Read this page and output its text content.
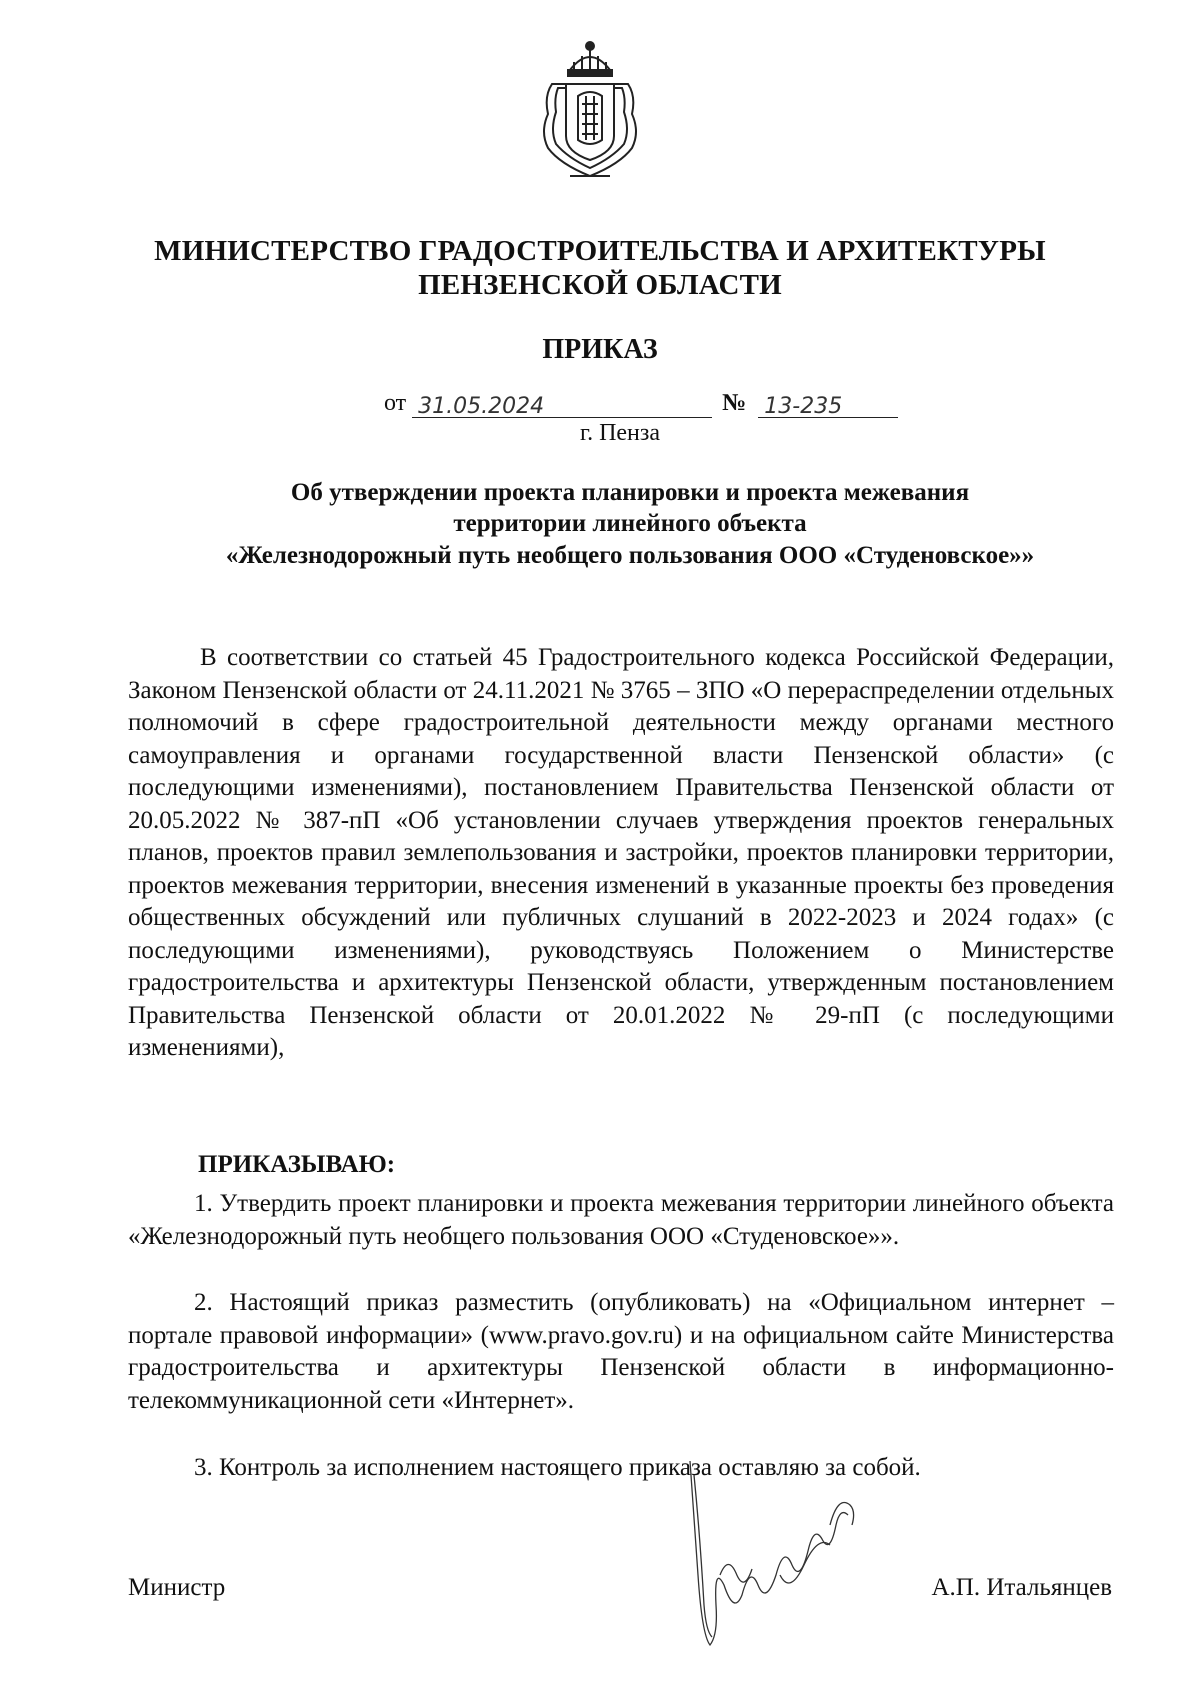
МИНИСТЕРСТВО ГРАДОСТРОИТЕЛЬСТВА И АРХИТЕКТУРЫ
ПЕНЗЕНСКОЙ ОБЛАСТИ
ПРИКАЗ
от 31.05.2024	№ 13-235
г. Пенза
Об утверждении проекта планировки и проекта межевания
территории линейного объекта
«Железнодорожный путь необщего пользования ООО «Студеновское»»
В соответствии со статьей 45 Градостроительного кодекса Российской Федерации, Законом Пензенской области от 24.11.2021 № 3765 – ЗПО «О перераспределении отдельных полномочий в сфере градостроительной деятельности между органами местного самоуправления и органами государственной власти Пензенской области» (с последующими изменениями), постановлением Правительства Пензенской области от 20.05.2022 № 387-пП «Об установлении случаев утверждения проектов генеральных планов, проектов правил землепользования и застройки, проектов планировки территории, проектов межевания территории, внесения изменений в указанные проекты без проведения общественных обсуждений или публичных слушаний в 2022-2023 и 2024 годах» (с последующими изменениями), руководствуясь Положением о Министерстве градостроительства и архитектуры Пензенской области, утвержденным постановлением Правительства Пензенской области от 20.01.2022 № 29-пП (с последующими изменениями),
ПРИКАЗЫВАЮ:
1. Утвердить проект планировки и проекта межевания территории линейного объекта «Железнодорожный путь необщего пользования ООО «Студеновское»».
2. Настоящий приказ разместить (опубликовать) на «Официальном интернет – портале правовой информации» (www.pravo.gov.ru) и на официальном сайте Министерства градостроительства и архитектуры Пензенской области в информационно-телекоммуникационной сети «Интернет».
3. Контроль за исполнением настоящего приказа оставляю за собой.
Министр	А.П. Итальянцев
